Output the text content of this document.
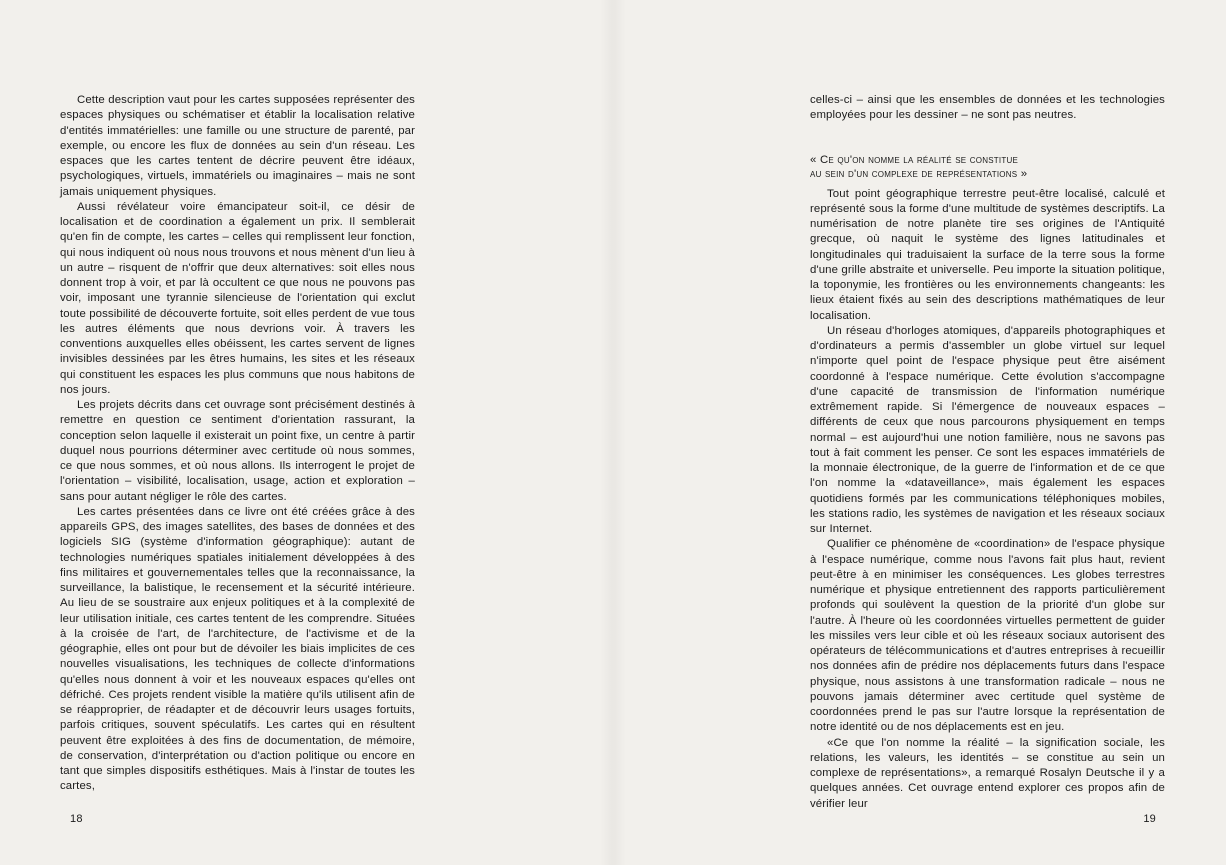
Cette description vaut pour les cartes supposées représenter des espaces physiques ou schématiser et établir la localisation relative d'entités immatérielles: une famille ou une structure de parenté, par exemple, ou encore les flux de données au sein d'un réseau. Les espaces que les cartes tentent de décrire peuvent être idéaux, psychologiques, virtuels, immatériels ou imaginaires – mais ne sont jamais uniquement physiques.

Aussi révélateur voire émancipateur soit-il, ce désir de localisation et de coordination a également un prix. Il semblerait qu'en fin de compte, les cartes – celles qui remplissent leur fonction, qui nous indiquent où nous nous trouvons et nous mènent d'un lieu à un autre – risquent de n'offrir que deux alternatives: soit elles nous donnent trop à voir, et par là occultent ce que nous ne pouvons pas voir, imposant une tyrannie silencieuse de l'orientation qui exclut toute possibilité de découverte fortuite, soit elles perdent de vue tous les autres éléments que nous devrions voir. À travers les conventions auxquelles elles obéissent, les cartes servent de lignes invisibles dessinées par les êtres humains, les sites et les réseaux qui constituent les espaces les plus communs que nous habitons de nos jours.

Les projets décrits dans cet ouvrage sont précisément destinés à remettre en question ce sentiment d'orientation rassurant, la conception selon laquelle il existerait un point fixe, un centre à partir duquel nous pourrions déterminer avec certitude où nous sommes, ce que nous sommes, et où nous allons. Ils interrogent le projet de l'orientation – visibilité, localisation, usage, action et exploration – sans pour autant négliger le rôle des cartes.

Les cartes présentées dans ce livre ont été créées grâce à des appareils GPS, des images satellites, des bases de données et des logiciels SIG (système d'information géographique): autant de technologies numériques spatiales initialement développées à des fins militaires et gouvernementales telles que la reconnaissance, la surveillance, la balistique, le recensement et la sécurité intérieure. Au lieu de se soustraire aux enjeux politiques et à la complexité de leur utilisation initiale, ces cartes tentent de les comprendre. Situées à la croisée de l'art, de l'architecture, de l'activisme et de la géographie, elles ont pour but de dévoiler les biais implicites de ces nouvelles visualisations, les techniques de collecte d'informations qu'elles nous donnent à voir et les nouveaux espaces qu'elles ont défriché. Ces projets rendent visible la matière qu'ils utilisent afin de se réapproprier, de réadapter et de découvrir leurs usages fortuits, parfois critiques, souvent spéculatifs. Les cartes qui en résultent peuvent être exploitées à des fins de documentation, de mémoire, de conservation, d'interprétation ou d'action politique ou encore en tant que simples dispositifs esthétiques. Mais à l'instar de toutes les cartes,

18

celles-ci – ainsi que les ensembles de données et les technologies employées pour les dessiner – ne sont pas neutres.

« Ce qu'on nomme la réalité se constitue
au sein d'un complexe de représentations »

Tout point géographique terrestre peut-être localisé, calculé et représenté sous la forme d'une multitude de systèmes descriptifs. La numérisation de notre planète tire ses origines de l'Antiquité grecque, où naquit le système des lignes latitudinales et longitudinales qui traduisaient la surface de la terre sous la forme d'une grille abstraite et universelle. Peu importe la situation politique, la toponymie, les frontières ou les environnements changeants: les lieux étaient fixés au sein des descriptions mathématiques de leur localisation.

Un réseau d'horloges atomiques, d'appareils photographiques et d'ordinateurs a permis d'assembler un globe virtuel sur lequel n'importe quel point de l'espace physique peut être aisément coordonné à l'espace numérique. Cette évolution s'accompagne d'une capacité de transmission de l'information numérique extrêmement rapide. Si l'émergence de nouveaux espaces – différents de ceux que nous parcourons physiquement en temps normal – est aujourd'hui une notion familière, nous ne savons pas tout à fait comment les penser. Ce sont les espaces immatériels de la monnaie électronique, de la guerre de l'information et de ce que l'on nomme la «dataveillance», mais également les espaces quotidiens formés par les communications téléphoniques mobiles, les stations radio, les systèmes de navigation et les réseaux sociaux sur Internet.

Qualifier ce phénomène de «coordination» de l'espace physique à l'espace numérique, comme nous l'avons fait plus haut, revient peut-être à en minimiser les conséquences. Les globes terrestres numérique et physique entretiennent des rapports particulièrement profonds qui soulèvent la question de la priorité d'un globe sur l'autre. À l'heure où les coordonnées virtuelles permettent de guider les missiles vers leur cible et où les réseaux sociaux autorisent des opérateurs de télécommunications et d'autres entreprises à recueillir nos données afin de prédire nos déplacements futurs dans l'espace physique, nous assistons à une transformation radicale – nous ne pouvons jamais déterminer avec certitude quel système de coordonnées prend le pas sur l'autre lorsque la représentation de notre identité ou de nos déplacements est en jeu.

«Ce que l'on nomme la réalité – la signification sociale, les relations, les valeurs, les identités – se constitue au sein un complexe de représentations», a remarqué Rosalyn Deutsche il y a quelques années. Cet ouvrage entend explorer ces propos afin de vérifier leur

19
